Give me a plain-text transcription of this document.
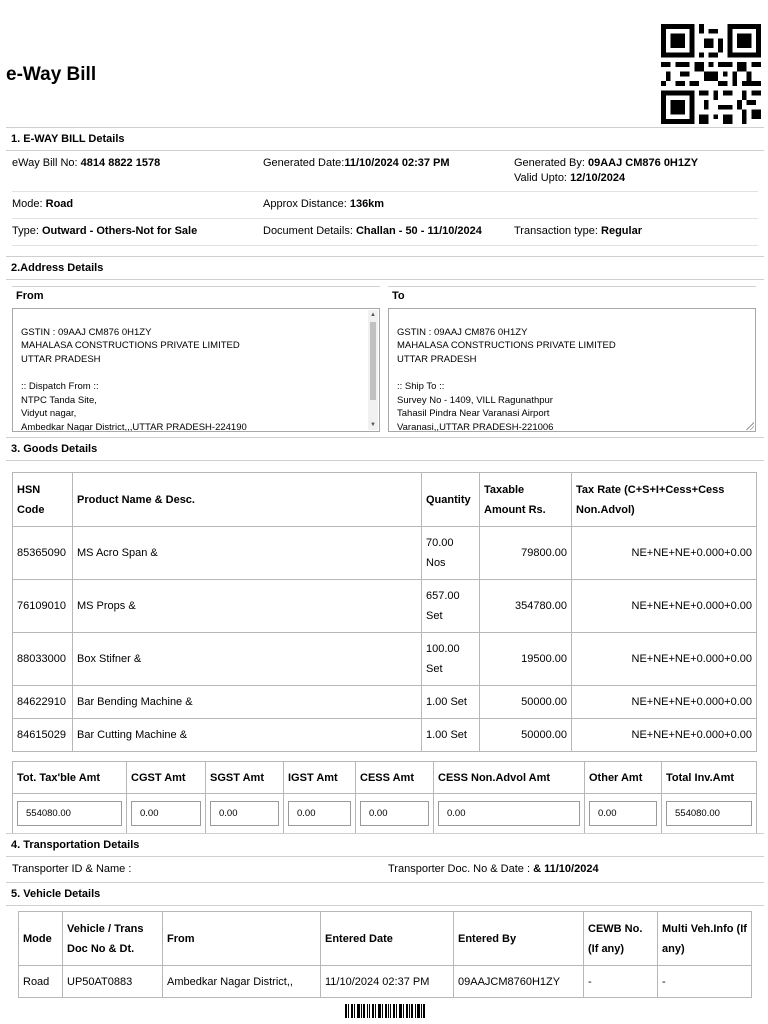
e-Way Bill
1. E-WAY BILL Details
eWay Bill No: 4814 8822 1578	Generated Date:11/10/2024 02:37 PM	Generated By: 09AAJ CM876 0H1ZY
Valid Upto: 12/10/2024
Mode: Road	Approx Distance: 136km
Type: Outward - Others-Not for Sale	Document Details: Challan - 50 - 11/10/2024	Transaction type: Regular
2.Address Details
From	To

GSTIN : 09AAJ CM876 0H1ZY
MAHALASA CONSTRUCTIONS PRIVATE LIMITED
UTTAR PRADESH

:: Dispatch From ::
NTPC Tanda Site,
Vidyut nagar,
Ambedkar Nagar District,,,UTTAR PRADESH-224190

▲

▼

GSTIN : 09AAJ CM876 0H1ZY
MAHALASA CONSTRUCTIONS PRIVATE LIMITED
UTTAR PRADESH

:: Ship To ::
Survey No - 1409, VILL Ragunathpur
Tahasil Pindra Near Varanasi Airport
Varanasi,,UTTAR PRADESH-221006

3. Goods Details
HSN Code	Product Name & Desc.	Quantity	Taxable Amount Rs.	Tax Rate (C+S+I+Cess+Cess Non.Advol)
85365090	MS Acro Span &	70.00 Nos	79800.00	NE+NE+NE+0.000+0.00
76109010	MS Props &	657.00 Set	354780.00	NE+NE+NE+0.000+0.00
88033000	Box Stifner &	100.00 Set	19500.00	NE+NE+NE+0.000+0.00
84622910	Bar Bending Machine &	1.00 Set	50000.00	NE+NE+NE+0.000+0.00
84615029	Bar Cutting Machine &	1.00 Set	50000.00	NE+NE+NE+0.000+0.00
Tot. Tax'ble Amt	CGST Amt	SGST Amt	IGST Amt	CESS Amt	CESS Non.Advol Amt	Other Amt	Total Inv.Amt

554080.00	0.00	0.00	0.00	0.00	0.00	0.00	554080.00
4. Transportation Details
Transporter ID & Name :	Transporter Doc. No & Date : & 11/10/2024
5. Vehicle Details
Mode	Vehicle / Trans Doc No & Dt.	From	Entered Date	Entered By	CEWB No. (If any)	Multi Veh.Info (If any)
Road	UP50AT0883	Ambedkar Nagar District,,	11/10/2024 02:37 PM	09AAJCM8760H1ZY	-	-
